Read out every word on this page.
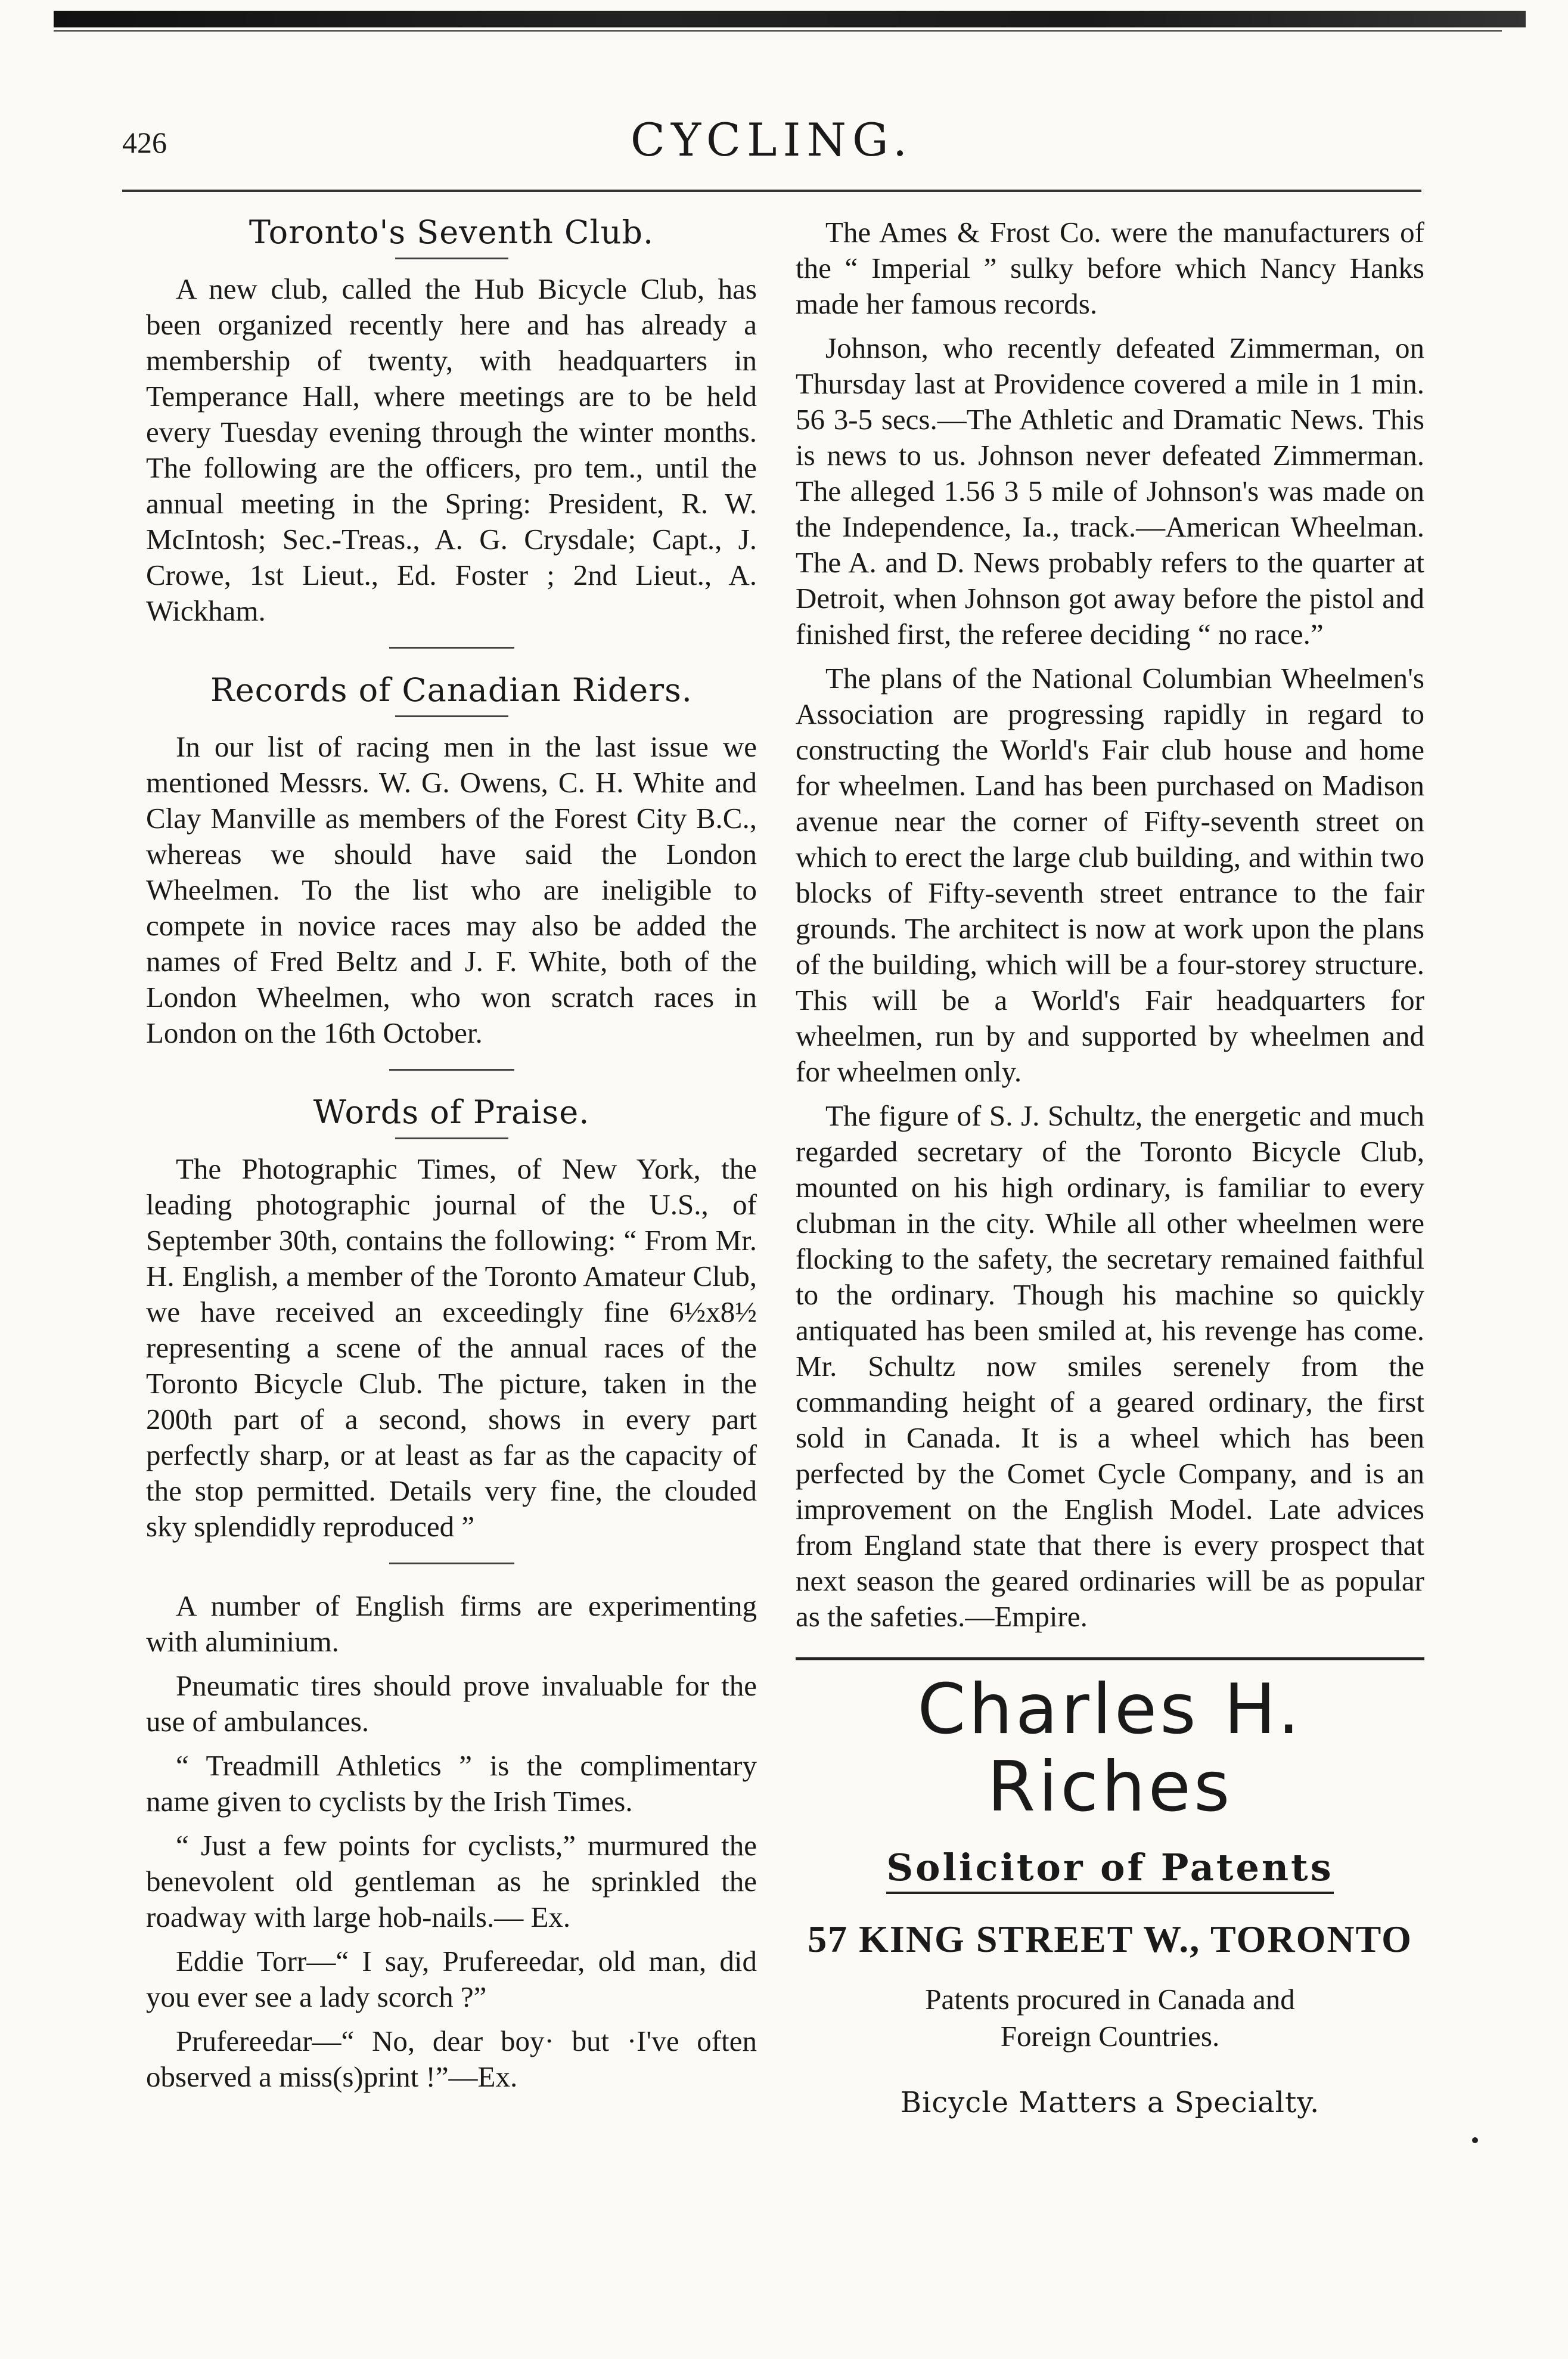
426	CYCLING.
Toronto's Seventh Club.

A new club, called the Hub Bicycle Club, has been organized recently here and has already a membership of twenty, with headquarters in Temperance Hall, where meetings are to be held every Tuesday evening through the winter months. The following are the officers, pro tem., until the annual meeting in the Spring: President, R. W. McIntosh; Sec.-Treas., A. G. Crysdale; Capt., J. Crowe, 1st Lieut., Ed. Foster ; 2nd Lieut., A. Wickham.

Records of Canadian Riders.

In our list of racing men in the last issue we mentioned Messrs. W. G. Owens, C. H. White and Clay Manville as members of the Forest City B.C., whereas we should have said the London Wheelmen. To the list who are ineligible to compete in novice races may also be added the names of Fred Beltz and J. F. White, both of the London Wheelmen, who won scratch races in London on the 16th October.

Words of Praise.

The Photographic Times, of New York, the leading photographic journal of the U.S., of September 30th, contains the following: “ From Mr. H. English, a member of the Toronto Amateur Club, we have received an exceedingly fine 6½x8½ representing a scene of the annual races of the Toronto Bicycle Club. The picture, taken in the 200th part of a second, shows in every part perfectly sharp, or at least as far as the capacity of the stop permitted. Details very fine, the clouded sky splendidly reproduced ”

A number of English firms are experimenting with aluminium.

Pneumatic tires should prove invaluable for the use of ambulances.

“ Treadmill Athletics ” is the complimentary name given to cyclists by the Irish Times.

“ Just a few points for cyclists,” murmured the benevolent old gentleman as he sprinkled the roadway with large hob-nails.— Ex.

Eddie Torr—“ I say, Prufereedar, old man, did you ever see a lady scorch ?”

Prufereedar—“ No, dear boy· but ·I've often observed a miss(s)print !”—Ex.

The Ames & Frost Co. were the manufacturers of the “ Imperial ” sulky before which Nancy Hanks made her famous records.

Johnson, who recently defeated Zimmerman, on Thursday last at Providence covered a mile in 1 min. 56 3-5 secs.—The Athletic and Dramatic News. This is news to us. Johnson never defeated Zimmerman. The alleged 1.56 3 5 mile of Johnson's was made on the Independence, Ia., track.—American Wheelman. The A. and D. News probably refers to the quarter at Detroit, when Johnson got away before the pistol and finished first, the referee deciding “ no race.”

The plans of the National Columbian Wheelmen's Association are progressing rapidly in regard to constructing the World's Fair club house and home for wheelmen. Land has been purchased on Madison avenue near the corner of Fifty-seventh street on which to erect the large club building, and within two blocks of Fifty-seventh street entrance to the fair grounds. The architect is now at work upon the plans of the building, which will be a four-storey structure. This will be a World's Fair headquarters for wheelmen, run by and supported by wheelmen and for wheelmen only.

The figure of S. J. Schultz, the energetic and much regarded secretary of the Toronto Bicycle Club, mounted on his high ordinary, is familiar to every clubman in the city. While all other wheelmen were flocking to the safety, the secretary remained faithful to the ordinary. Though his machine so quickly antiquated has been smiled at, his revenge has come. Mr. Schultz now smiles serenely from the commanding height of a geared ordinary, the first sold in Canada. It is a wheel which has been perfected by the Comet Cycle Company, and is an improvement on the English Model. Late advices from England state that there is every prospect that next season the geared ordinaries will be as popular as the safeties.—Empire.

Charles H. Riches
Solicitor of Patents
57 KING STREET W., TORONTO
Patents procured in Canada and
Foreign Countries.
Bicycle Matters a Specialty.
